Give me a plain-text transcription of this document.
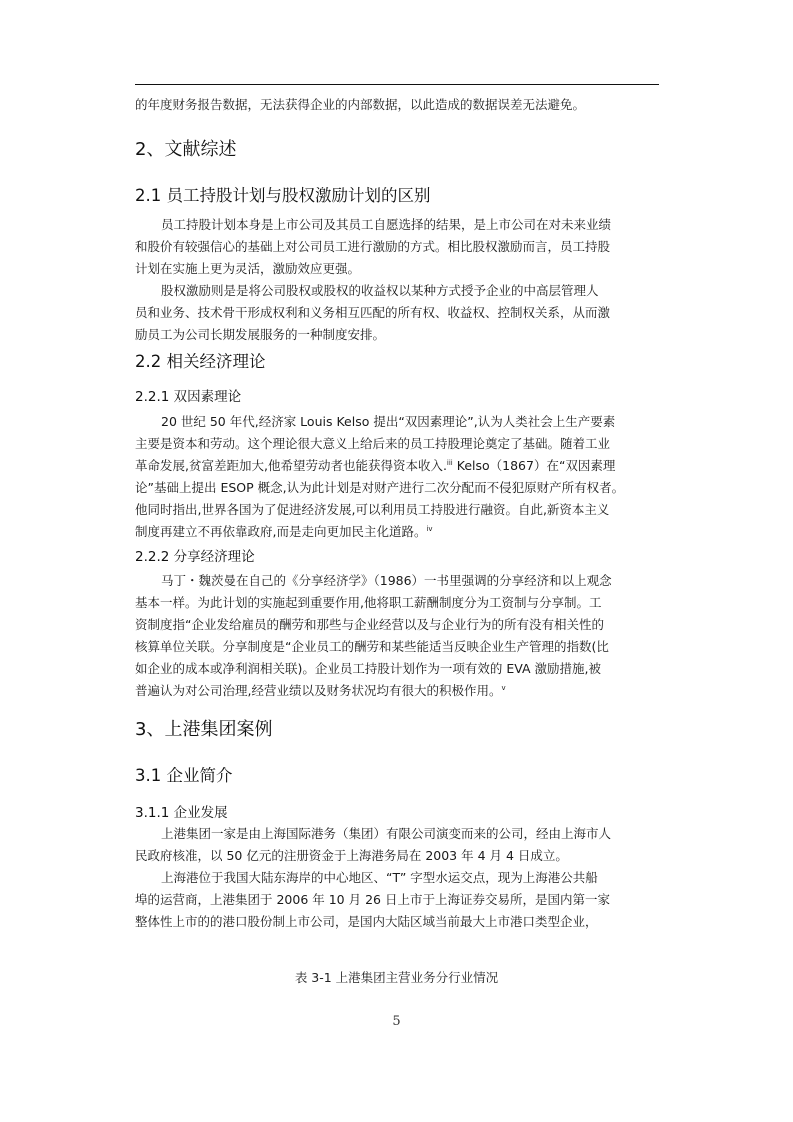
的年度财务报告数据，无法获得企业的内部数据，以此造成的数据误差无法避免。
2、文献综述
2.1 员工持股计划与股权激励计划的区别
员工持股计划本身是上市公司及其员工自愿选择的结果，是上市公司在对未来业绩
和股价有较强信心的基础上对公司员工进行激励的方式。相比股权激励而言，员工持股
计划在实施上更为灵活，激励效应更强。
股权激励则是是将公司股权或股权的收益权以某种方式授予企业的中高层管理人
员和业务、技术骨干形成权利和义务相互匹配的所有权、收益权、控制权关系，从而激
励员工为公司长期发展服务的一种制度安排。
2.2 相关经济理论
2.2.1 双因素理论
20 世纪 50 年代,经济家 Louis Kelso 提出“双因素理论”,认为人类社会上生产要素
主要是资本和劳动。这个理论很大意义上给后来的员工持股理论奠定了基础。随着工业
革命发展,贫富差距加大,他希望劳动者也能获得资本收入.$^{iii}$ Kelso（1867）在“双因素理
论”基础上提出 ESOP 概念,认为此计划是对财产进行二次分配而不侵犯原财产所有权者。
他同时指出,世界各国为了促进经济发展,可以利用员工持股进行融资。自此,新资本主义
制度再建立不再依靠政府,而是走向更加民主化道路。$^{iv}$
2.2.2 分享经济理论
马丁・魏茨曼在自己的《分享经济学》（1986）一书里强调的分享经济和以上观念
基本一样。为此计划的实施起到重要作用,他将职工薪酬制度分为工资制与分享制。工
资制度指“企业发给雇员的酬劳和那些与企业经营以及与企业行为的所有没有相关性的
核算单位关联。分享制度是“企业员工的酬劳和某些能适当反映企业生产管理的指数(比
如企业的成本或净利润相关联)。企业员工持股计划作为一项有效的 EVA 激励措施,被
普遍认为对公司治理,经营业绩以及财务状况均有很大的积极作用。$^v$
3、上港集团案例
3.1 企业简介
3.1.1 企业发展
上港集团一家是由上海国际港务（集团）有限公司演变而来的公司，经由上海市人
民政府核准，以 50 亿元的注册资金于上海港务局在 2003 年 4 月 4 日成立。
上海港位于我国大陆东海岸的中心地区、“T” 字型水运交点，现为上海港公共船
埠的运营商，上港集团于 2006 年 10 月 26 日上市于上海证券交易所，是国内第一家
整体性上市的的港口股份制上市公司，是国内大陆区域当前最大上市港口类型企业，
表 3-1 上港集团主营业务分行业情况
5
